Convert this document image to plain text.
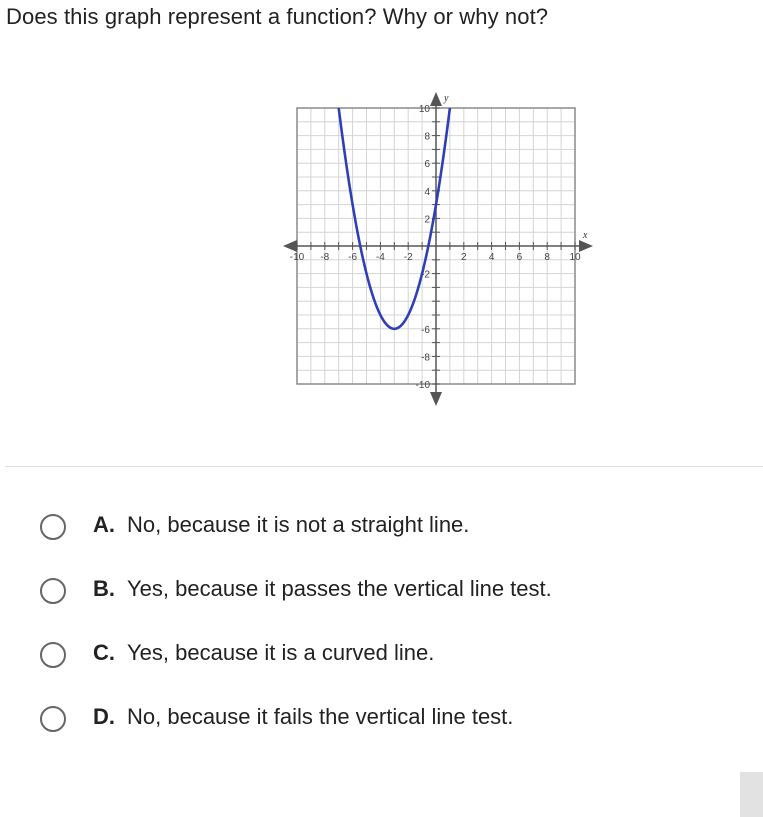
Does this graph represent a function? Why or why not?
-10 -8 -6 -4 -2	2 4 6 8 10
10
8
6
4
2
-2
-6
-8
-10
x
y
A. No, because it is not a straight line.
B. Yes, because it passes the vertical line test.
C. Yes, because it is a curved line.
D. No, because it fails the vertical line test.
